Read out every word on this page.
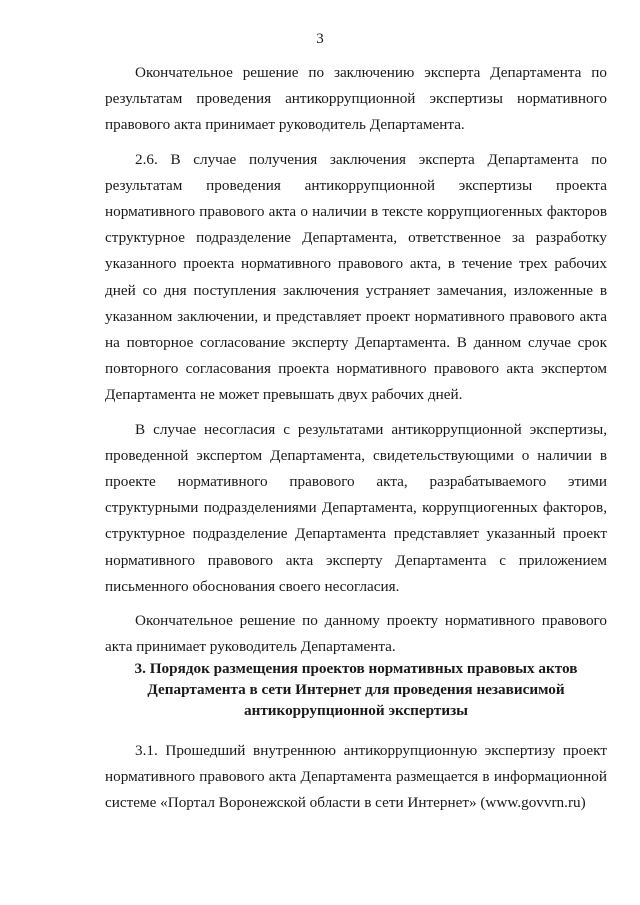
3

Окончательное решение по заключению эксперта Департамента по результатам проведения антикоррупционной экспертизы нормативного правового акта принимает руководитель Департамента.

2.6. В случае получения заключения эксперта Департамента по результатам проведения антикоррупционной экспертизы проекта нормативного правового акта о наличии в тексте коррупциогенных факторов структурное подразделение Департамента, ответственное за разработку указанного проекта нормативного правового акта, в течение трех рабочих дней со дня поступления заключения устраняет замечания, изложенные в указанном заключении, и представляет проект нормативного правового акта на повторное согласование эксперту Департамента. В данном случае срок повторного согласования проекта нормативного правового акта экспертом Департамента не может превышать двух рабочих дней.

В случае несогласия с результатами антикоррупционной экспертизы, проведенной экспертом Департамента, свидетельствующими о наличии в проекте нормативного правового акта, разрабатываемого этими структурными подразделениями Департамента, коррупциогенных факторов, структурное подразделение Департамента представляет указанный проект нормативного правового акта эксперту Департамента с приложением письменного обоснования своего несогласия.

Окончательное решение по данному проекту нормативного правового акта принимает руководитель Департамента.

3. Порядок размещения проектов нормативных правовых актов
Департамента в сети Интернет для проведения независимой
антикоррупционной экспертизы

3.1. Прошедший внутреннюю антикоррупционную экспертизу проект нормативного правового акта Департамента размещается в информационной системе «Портал Воронежской области в сети Интернет» (www.govvrn.ru)
